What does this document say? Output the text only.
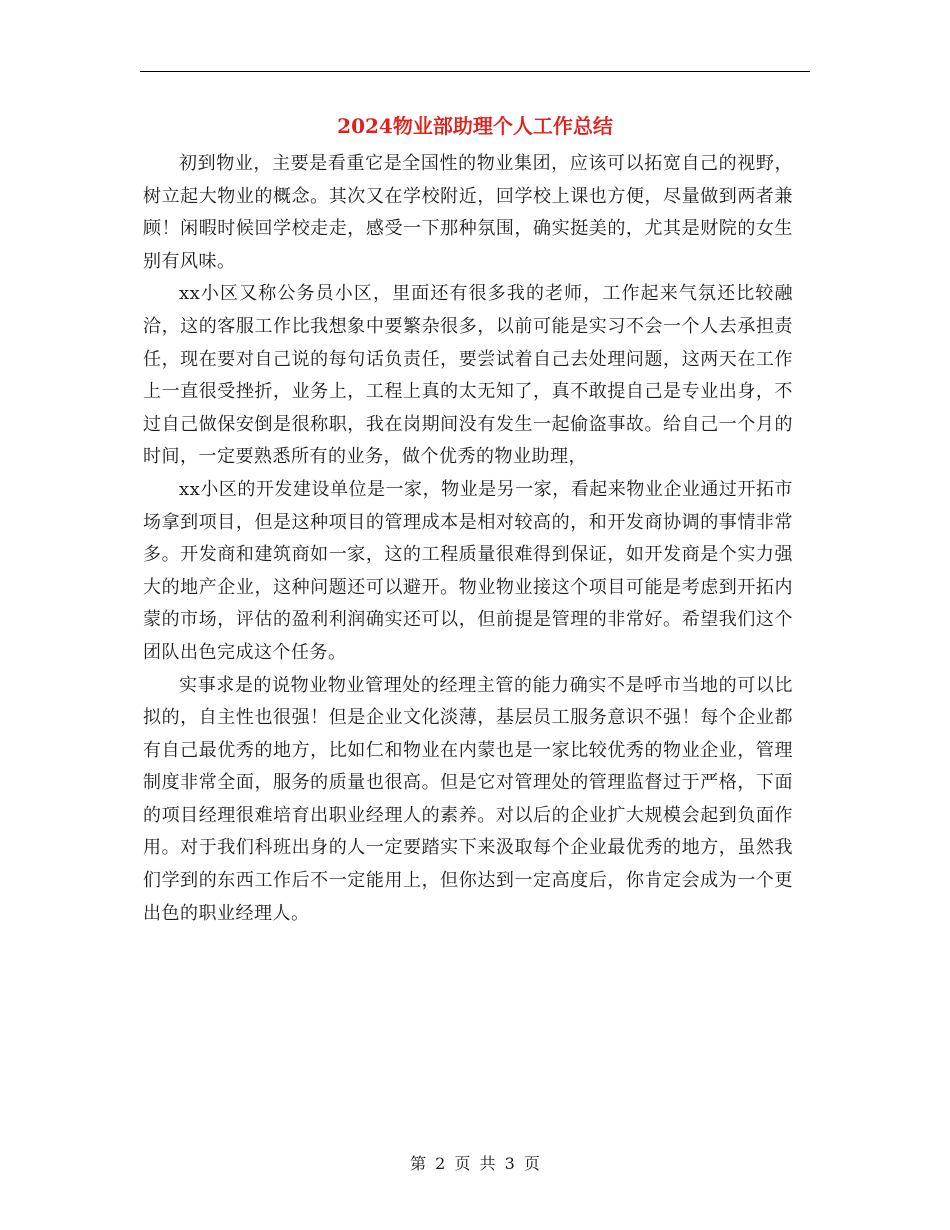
2024物业部助理个人工作总结

初到物业，主要是看重它是全国性的物业集团，应该可以拓宽自己的视野，树立起大物业的概念。其次又在学校附近，回学校上课也方便，尽量做到两者兼顾！闲暇时候回学校走走，感受一下那种氛围，确实挺美的，尤其是财院的女生别有风味。

xx小区又称公务员小区，里面还有很多我的老师，工作起来气氛还比较融洽，这的客服工作比我想象中要繁杂很多，以前可能是实习不会一个人去承担责任，现在要对自己说的每句话负责任，要尝试着自己去处理问题，这两天在工作上一直很受挫折，业务上，工程上真的太无知了，真不敢提自己是专业出身，不过自己做保安倒是很称职，我在岗期间没有发生一起偷盗事故。给自己一个月的时间，一定要熟悉所有的业务，做个优秀的物业助理，

xx小区的开发建设单位是一家，物业是另一家，看起来物业企业通过开拓市场拿到项目，但是这种项目的管理成本是相对较高的，和开发商协调的事情非常多。开发商和建筑商如一家，这的工程质量很难得到保证，如开发商是个实力强大的地产企业，这种问题还可以避开。物业物业接这个项目可能是考虑到开拓内蒙的市场，评估的盈利利润确实还可以，但前提是管理的非常好。希望我们这个团队出色完成这个任务。

实事求是的说物业物业管理处的经理主管的能力确实不是呼市当地的可以比拟的，自主性也很强！但是企业文化淡薄，基层员工服务意识不强！每个企业都有自己最优秀的地方，比如仁和物业在内蒙也是一家比较优秀的物业企业，管理制度非常全面，服务的质量也很高。但是它对管理处的管理监督过于严格，下面的项目经理很难培育出职业经理人的素养。对以后的企业扩大规模会起到负面作用。对于我们科班出身的人一定要踏实下来汲取每个企业最优秀的地方，虽然我们学到的东西工作后不一定能用上，但你达到一定高度后，你肯定会成为一个更出色的职业经理人。

第 2 页 共 3 页
